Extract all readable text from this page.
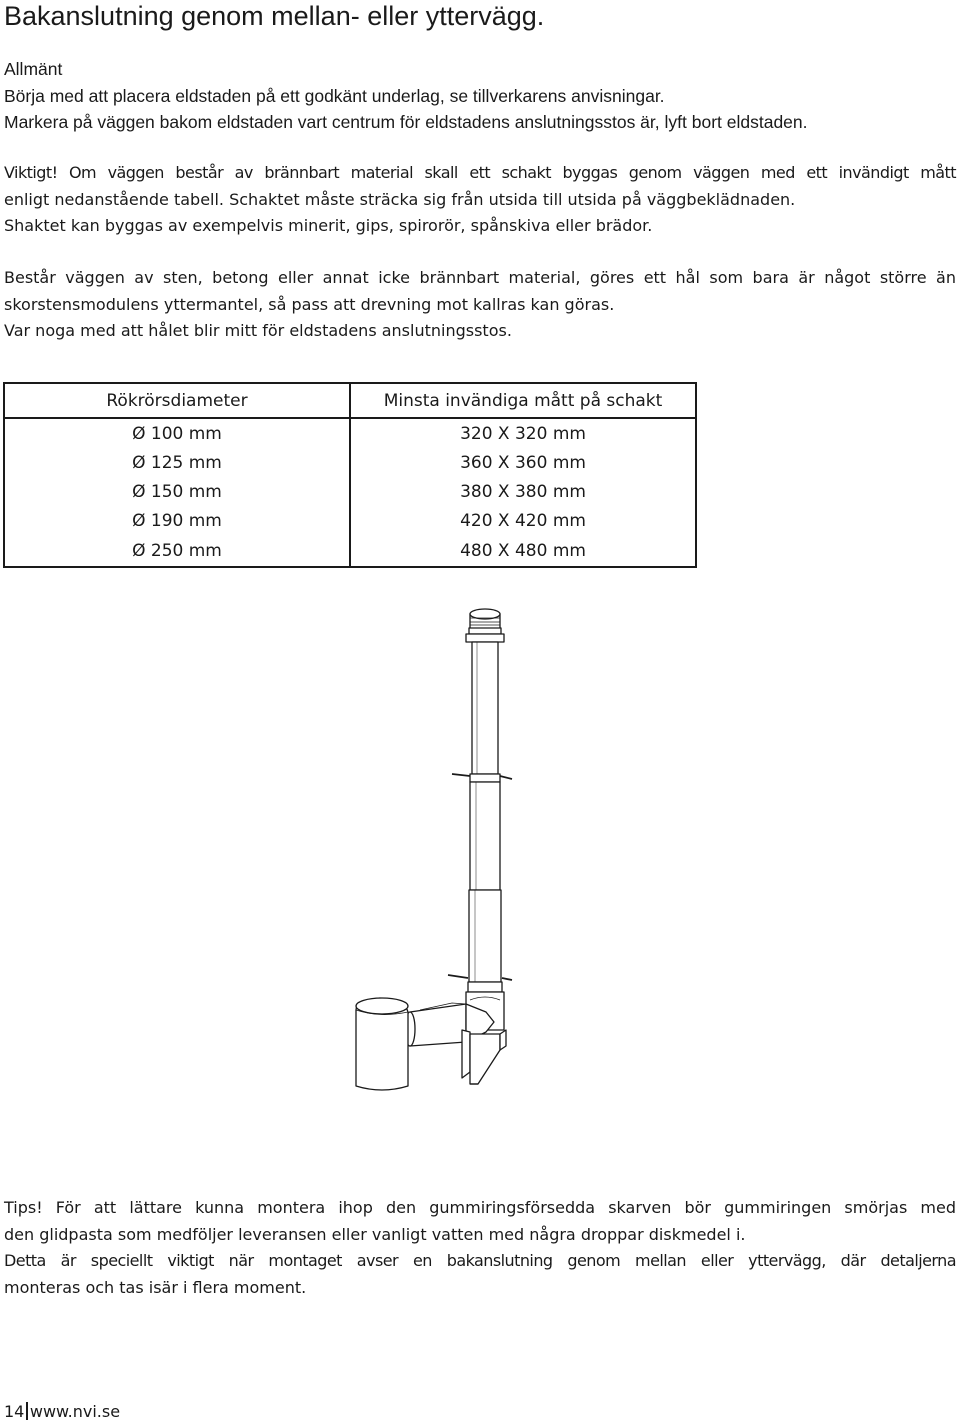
Bakanslutning genom mellan- eller yttervägg.
Allmänt
Börja med att placera eldstaden på ett godkänt underlag, se tillverkarens anvisningar.
Markera på väggen bakom eldstaden vart centrum för eldstadens anslutningsstos är, lyft bort eldstaden.
Viktigt! Om väggen består av brännbart material skall ett schakt byggas genom väggen med ett invändigt mått
enligt nedanstående tabell. Schaktet måste sträcka sig från utsida till utsida på väggbeklädnaden.
Shaktet kan byggas av exempelvis minerit, gips, spirorör, spånskiva eller brädor.
Består väggen av sten, betong eller annat icke brännbart material, göres ett hål som bara är något större än
skorstensmodulens yttermantel, så pass att drevning mot kallras kan göras.
Var noga med att hålet blir mitt för eldstadens anslutningsstos.
Rökrörsdiameter	Minsta invändiga mått på schakt
Ø 100 mm	320 X 320 mm
Ø 125 mm	360 X 360 mm
Ø 150 mm	380 X 380 mm
Ø 190 mm	420 X 420 mm
Ø 250 mm	480 X 480 mm
Tips! För att lättare kunna montera ihop den gummiringsförsedda skarven bör gummiringen smörjas med
den glidpasta som medföljer leveransen eller vanligt vatten med några droppar diskmedel i.
Detta är speciellt viktigt när montaget avser en bakanslutning genom mellan eller yttervägg, där detaljerna
monteras och tas isär i flera moment.
14 www.nvi.se
